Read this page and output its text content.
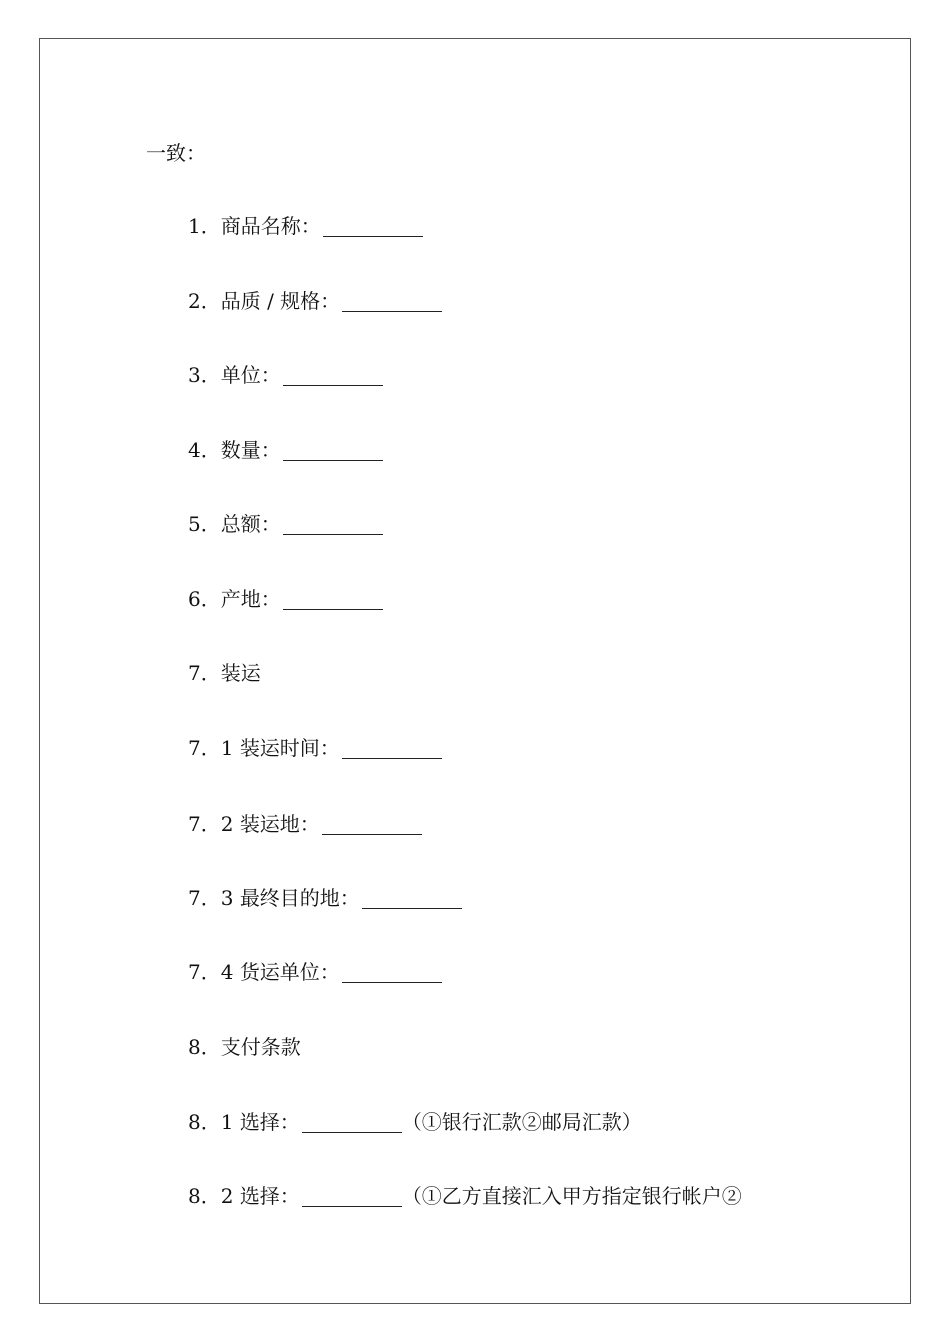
一致：
1．商品名称：
2．品质 / 规格：
3．单位：
4．数量：
5．总额：
6．产地：
7．装运
7．1 装运时间：
7．2 装运地：
7．3 最终目的地：
7．4 货运单位：
8．支付条款
8．1 选择：	（①银行汇款②邮局汇款）
8．2 选择：	（①乙方直接汇入甲方指定银行帐户②
